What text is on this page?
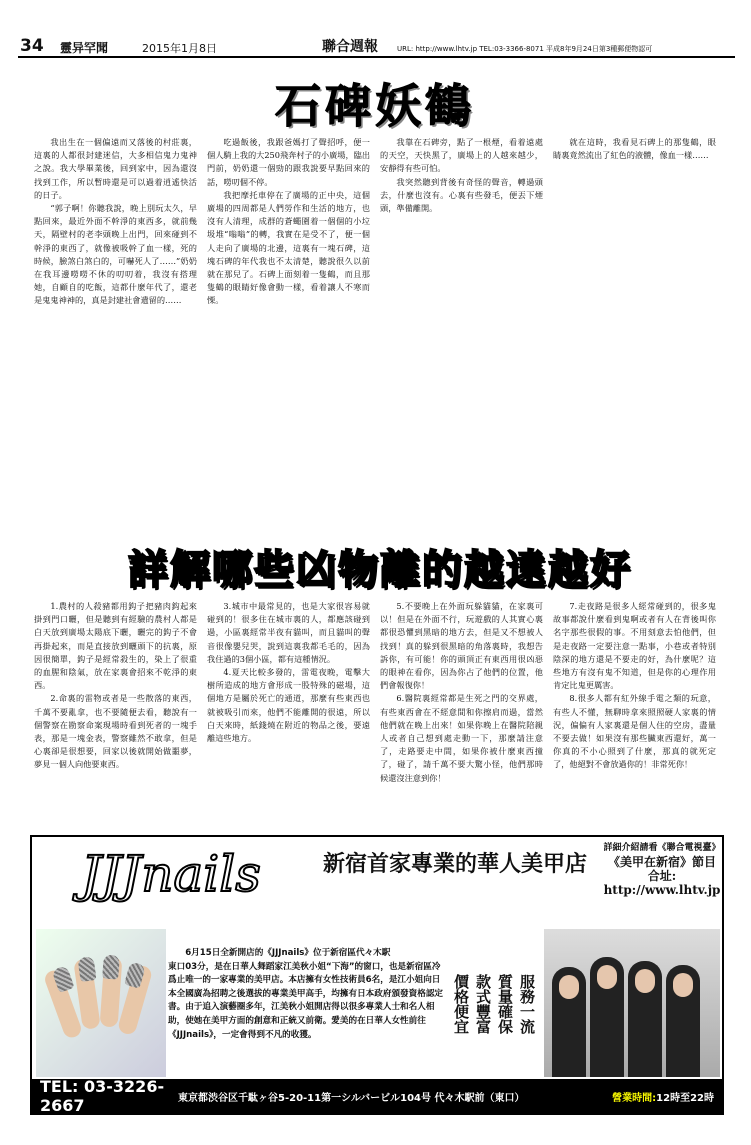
34	靈异罕聞	2015年1月8日	聯合週報	URL: http://www.lhtv.jp TEL:03-3366-8071 平成8年9月24日第3種郵便物認可
石碑妖鶴

我出生在一個偏遠而又落後的村莊裏，這裏的人都很封建迷信，大多相信鬼力鬼神之說。我大學畢業後，回到家中，因為還沒找到工作，所以暫時還是可以過着逍遙快活的日子。

“郭子啊！你聽我說，晚上別玩太久，早點回來，最近外面不幹淨的東西多，就前幾天，隔壁村的老李頭晚上出門，回來碰到不幹淨的東西了，就像被吸幹了血一樣，死的時候，臉煞白煞白的，可嚇死人了……”奶奶在我耳邊嘮嘮不休的叨叨着，我沒有搭理她，自顧自的吃飯，這都什麼年代了，還老是鬼鬼神神的，真是封建社會遺留的……

吃過飯後，我跟爸媽打了聲招呼，便一個人騎上我的大250飛奔村子的小廣場，臨出門前，奶奶還一個勁的跟我說要早點回來的話，嘮叨個不停。

我把摩托車停在了廣場的正中央，這個廣場的四周都是人們勞作和生活的地方，也沒有人清理，成群的蒼蠅圍着一個個的小垃圾堆“嗡嗡”的轉，我實在是受不了，便一個人走向了廣場的北邊，這裏有一塊石碑，這塊石碑的年代我也不太清楚，聽說很久以前就在那兒了。石碑上面刻着一隻鶴，而且那隻鶴的眼睛好像會動一樣，看着讓人不寒而慄。

我靠在石碑旁，點了一根煙，看着遠處的天空，天快黑了，廣場上的人越來越少，安靜得有些可怕。

我突然聽到背後有奇怪的聲音，轉過頭去，什麼也沒有。心裏有些發毛，便丟下煙頭，準備離開。

就在這時，我看見石碑上的那隻鶴，眼睛裏竟然流出了紅色的液體，像血一樣……

詳解哪些凶物離的越遠越好

1.農村的人殺豬都用鈎子把豬肉鈎起來掛到門口曬，但是聽到有經驗的農村人都是白天放到廣場太陽底下曬，曬完的鈎子不會再掛起來，而是直接放到曬頭下的抗裏，原因很簡單，鈎子是經常殺生的，染上了很重的血腥和陰氣，放在家裏會招來不乾淨的東西。

2.命裏的雷物或者是一些散落的東西，千萬不要亂拿，也不要隨便去看，聽說有一個警察在勘察命案現場時看到死者的一塊手表，那是一塊金表，警察雖然不敢拿，但是心裏卻是很想要，回家以後就開始做噩夢，夢見一個人向他要東西。

3.城市中最常見的，也是大家很容易就碰到的！很多住在城市裏的人，都應該碰到過，小區裏經常半夜有貓叫，而且貓叫的聲音很像嬰兒哭，說到這裏我都毛毛的，因為我住過的3個小區，都有這種情況。

4.夏天比較多發的，雷電夜晚，電擊大樹所造成的地方會形成一股特殊的磁場，這個地方是屬於死亡的通道，那麼有些東西也就被吸引而來，他們不能離開的很遠，所以白天來時，紙錢燒在附近的物品之後，要遠離這些地方。

5.不要晚上在外面玩躲貓貓，在家裏可以！但是在外面不行，玩遊戲的人其實心裏都很恐懼到黑暗的地方去，但是又不想被人找到！真的躲到很黑暗的角落裏時，我想告訴你，有可能！你的頭頂正有東西用很凶惡的眼神在看你，因為你占了他們的位置，他們會報復你！

6.醫院裏經常都是生死之門的交界處，有些東西會在不經意間和你擦肩而過，當然他們就在晚上出來！如果你晚上在醫院陪親人或者自己想到處走動一下，那麼請注意了，走路要走中間，如果你被什麼東西撞了，碰了，請千萬不要大驚小怪，他們那時候還沒注意到你！

7.走夜路是很多人經常碰到的，很多鬼故事都說什麼看到鬼啊或者有人在背後叫你名字那些很假的事。不用刻意去怕他們，但是走夜路一定要注意一點事，小巷或者特別陰深的地方還是不要走的好，為什麼呢？這些地方有沒有鬼不知道，但是你的心理作用肯定比鬼更厲害。

8.很多人都有紅外線手電之類的玩意，有些人不懂，無聊時拿來照照硬人家裏的情況，偏偏有人家裏還是個人住的空房，盡量不要去做！如果沒有那些臟東西還好，萬一你真的不小心照到了什麼，那真的就死定了，他絕對不會放過你的！非常死你！

JJJnails	新宿首家專業的華人美甲店
詳細介紹請看《聯合電視臺》
《美甲在新宿》節目
合址: http://www.lhtv.jp
6月15日全新開店的《JJJnails》位于新宿區代々木駅
東口03分，是在日華人舞蹈家江美秋小姐“下海”的窗口，也是新宿區冷爲止唯一的一家專業的美甲店。本店擁有女性技術員6名，是江小姐向日本全國廣為招聘之後選拔的專業美甲高手，均擁有日本政府頒發資格認定書。由于追入演藝圈多年，江美秋小姐開店得以很多專業人士和名人相助，使她在美甲方面的創意和正統又前衛。愛美的在日華人女性前往《JJJnails》，一定會得到不凡的收獲。
價格便宜 款式豐富 質量確保 服務一流
TEL: 03-3226-2667	東京都渋谷区千駄ヶ谷5-20-11第一シルバービル104号 代々木駅前（東口）	營業時間:12時至22時
